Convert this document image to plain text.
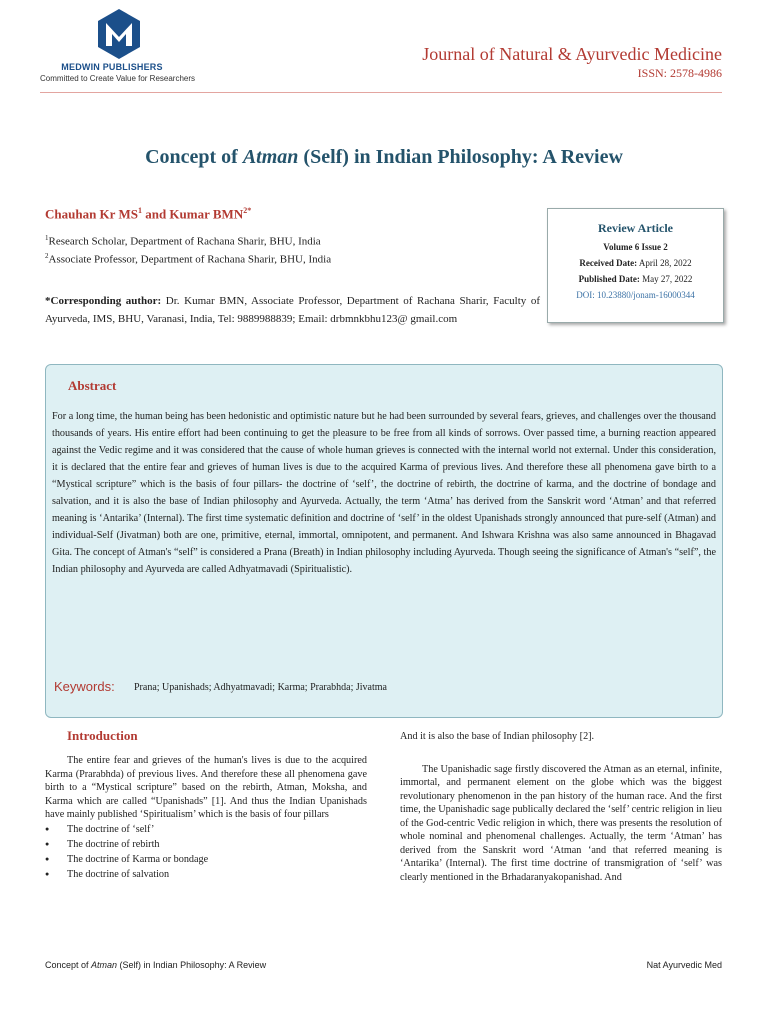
MEDWIN PUBLISHERS
Committed to Create Value for Researchers
Journal of Natural & Ayurvedic Medicine
ISSN: 2578-4986
Concept of Atman (Self) in Indian Philosophy: A Review
Chauhan Kr $MS^1$ and Kumar $BMN^{2*}$
$^1$Research Scholar, Department of Rachana Sharir, BHU, India
$^2$Associate Professor, Department of Rachana Sharir, BHU, India
*Corresponding author: Dr. Kumar BMN, Associate Professor, Department of Rachana Sharir, Faculty of Ayurveda, IMS, BHU, Varanasi, India, Tel: 9889988839; Email: drbmnkbhu123@ gmail.com
Review Article
Volume 6 Issue 2
Received Date: April 28, 2022
Published Date: May 27, 2022
DOI: 10.23880/jonam-16000344
Abstract
For a long time, the human being has been hedonistic and optimistic nature but he had been surrounded by several fears, grieves, and challenges over the thousand thousands of years. His entire effort had been continuing to get the pleasure to be free from all kinds of sorrows. Over passed time, a burning reaction appeared against the Vedic regime and it was considered that the cause of whole human grieves is connected with the internal world not external. Under this consideration, it is declared that the entire fear and grieves of human lives is due to the acquired Karma of previous lives. And therefore these all phenomena gave birth to a “Mystical scripture” which is the basis of four pillars- the doctrine of ‘self’, the doctrine of rebirth, the doctrine of karma, and the doctrine of bondage and salvation, and it is also the base of Indian philosophy and Ayurveda. Actually, the term ‘Atma’ has derived from the Sanskrit word ‘Atman’ and that referred meaning is ‘Antarika’ (Internal). The first time systematic definition and doctrine of ‘self’ in the oldest Upanishads strongly announced that pure-self (Atman) and individual-Self (Jivatman) both are one, primitive, eternal, immortal, omnipotent, and permanent. And Ishwara Krishna was also same announced in Bhagavad Gita. The concept of Atman's “self” is considered a Prana (Breath) in Indian philosophy including Ayurveda. Though seeing the significance of Atman's “self”, the Indian philosophy and Ayurveda are called Adhyatmavadi (Spiritualistic).
Keywords: Prana; Upanishads; Adhyatmavadi; Karma; Prarabhda; Jivatma
Introduction

The entire fear and grieves of the human's lives is due to the acquired Karma (Prarabhda) of previous lives. And therefore these all phenomena gave birth to a “Mystical scripture” based on the rebirth, Atman, Moksha, and Karma which are called “Upanishads” [1]. And thus the Indian Upanishads have mainly published ‘Spiritualism’ which is the basis of four pillars

● The doctrine of ‘self’
● The doctrine of rebirth
● The doctrine of Karma or bondage
● The doctrine of salvation

And it is also the base of Indian philosophy [2].

The Upanishadic sage firstly discovered the Atman as an eternal, infinite, immortal, and permanent element on the globe which was the biggest revolutionary phenomenon in the pan history of the human race. And the first time, the Upanishadic sage publically declared the ‘self’ centric religion in lieu of the God-centric Vedic religion in which, there was presents the resolution of whole nominal and phenomenal challenges. Actually, the term ‘Atman’ has derived from the Sanskrit word ‘Atman ‘and that referred meaning is ‘Antarika’ (Internal). The first time doctrine of transmigration of ‘self’ was clearly mentioned in the Brhadaranyakopanishad. And

Concept of Atman (Self) in Indian Philosophy: A Review	Nat Ayurvedic Med
